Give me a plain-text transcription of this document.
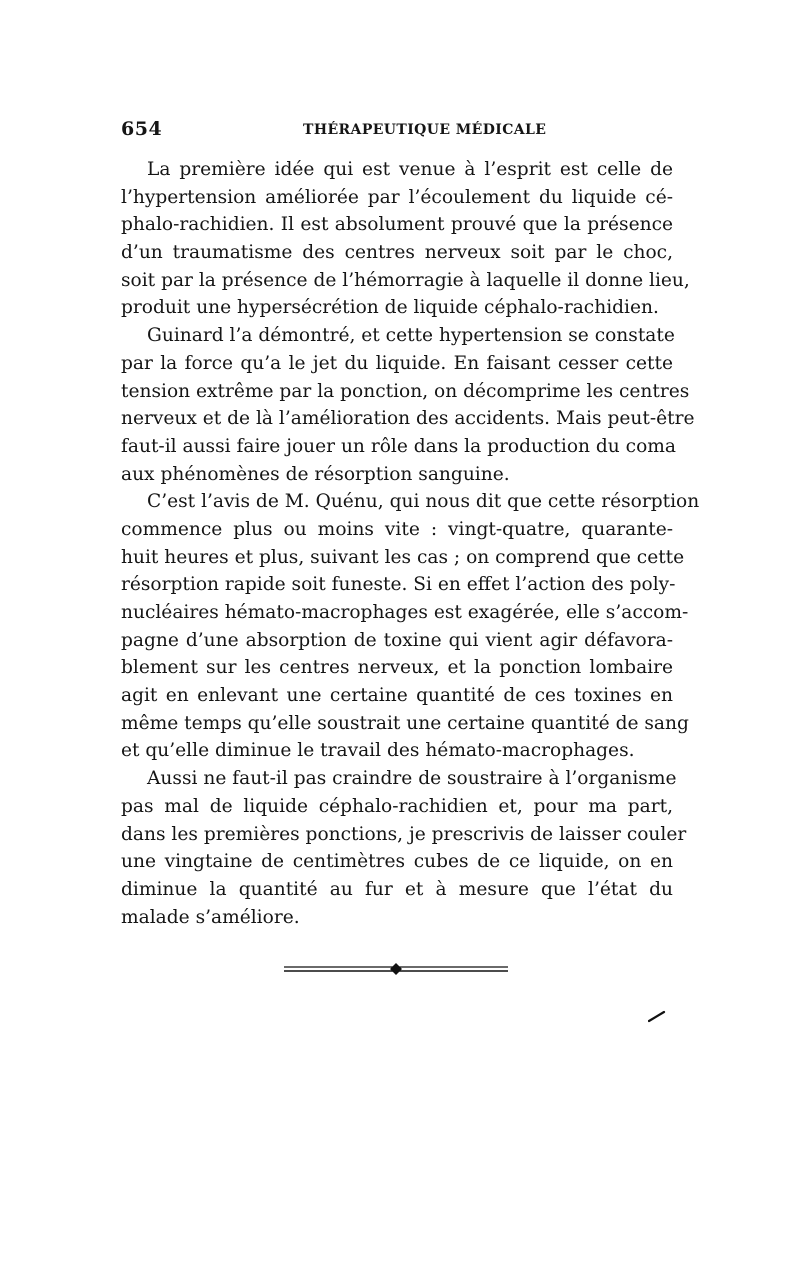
654	THÉRAPEUTIQUE MÉDICALE
La première idée qui est venue à l’esprit est celle de
l’hypertension améliorée par l’écoulement du liquide cé-
phalo-rachidien. Il est absolument prouvé que la présence
d’un traumatisme des centres nerveux soit par le choc,
soit par la présence de l’hémorragie à laquelle il donne lieu,
produit une hypersécrétion de liquide céphalo-rachidien.
Guinard l’a démontré, et cette hypertension se constate
par la force qu’a le jet du liquide. En faisant cesser cette
tension extrême par la ponction, on décomprime les centres
nerveux et de là l’amélioration des accidents. Mais peut-être
faut-il aussi faire jouer un rôle dans la production du coma
aux phénomènes de résorption sanguine.
C’est l’avis de M. Quénu, qui nous dit que cette résorption
commence plus ou moins vite : vingt-quatre, quarante-
huit heures et plus, suivant les cas ; on comprend que cette
résorption rapide soit funeste. Si en effet l’action des poly-
nucléaires hémato-macrophages est exagérée, elle s’accom-
pagne d’une absorption de toxine qui vient agir défavora-
blement sur les centres nerveux, et la ponction lombaire
agit en enlevant une certaine quantité de ces toxines en
même temps qu’elle soustrait une certaine quantité de sang
et qu’elle diminue le travail des hémato-macrophages.
Aussi ne faut-il pas craindre de soustraire à l’organisme
pas mal de liquide céphalo-rachidien et, pour ma part,
dans les premières ponctions, je prescrivis de laisser couler
une vingtaine de centimètres cubes de ce liquide, on en
diminue la quantité au fur et à mesure que l’état du
malade s’améliore.
